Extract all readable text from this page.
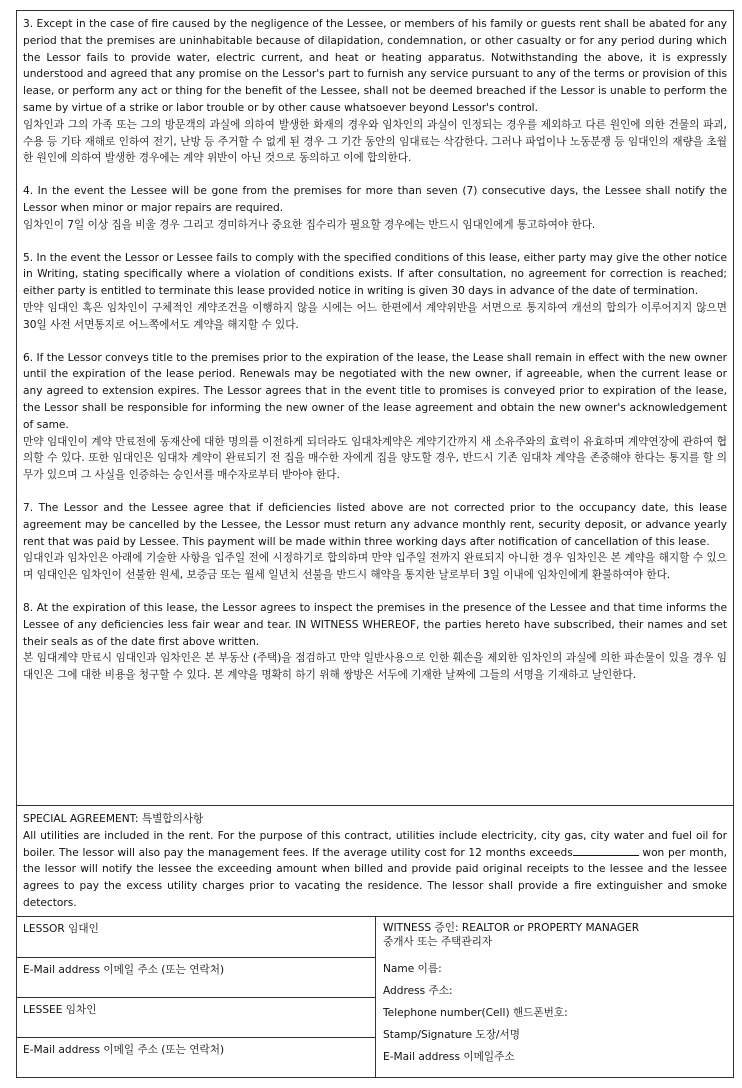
3. Except in the case of fire caused by the negligence of the Lessee, or members of his family or guests rent shall be abated for any period that the premises are uninhabitable because of dilapidation, condemnation, or other casualty or for any period during which the Lessor fails to provide water, electric current, and heat or heating apparatus. Notwithstanding the above, it is expressly understood and agreed that any promise on the Lessor's part to furnish any service pursuant to any of the terms or provision of this lease, or perform any act or thing for the benefit of the Lessee, shall not be deemed breached if the Lessor is unable to perform the same by virtue of a strike or labor trouble or by other cause whatsoever beyond Lessor's control.

임차인과 그의 가족 또는 그의 방문객의 과실에 의하여 발생한 화재의 경우와 임차인의 과실이 인정되는 경우를 제외하고 다른 원인에 의한 건물의 파괴, 수용 등 기타 재해로 인하여 전기, 난방 등 주거할 수 없게 된 경우 그 기간 동안의 임대료는 삭감한다. 그러나 파업이나 노동분쟁 등 임대인의 재량을 초월한 원인에 의하여 발생한 경우에는 계약 위반이 아닌 것으로 동의하고 이에 합의한다.

4. In the event the Lessee will be gone from the premises for more than seven (7) consecutive days, the Lessee shall notify the Lessor when minor or major repairs are required.

임차인이 7일 이상 집을 비울 경우 그리고 경미하거나 중요한 집수리가 필요할 경우에는 반드시 임대인에게 통고하여야 한다.

5. In the event the Lessor or Lessee fails to comply with the specified conditions of this lease, either party may give the other notice in Writing, stating specifically where a violation of conditions exists. If after consultation, no agreement for correction is reached; either party is entitled to terminate this lease provided notice in writing is given 30 days in advance of the date of termination.

만약 임대인 혹은 임차인이 구체적인 계약조건을 이행하지 않을 시에는 어느 한편에서 계약위반을 서면으로 통지하여 개선의 합의가 이루어지지 않으면 30일 사전 서면통지로 어느쪽에서도 계약을 해지할 수 있다.

6. If the Lessor conveys title to the premises prior to the expiration of the lease, the Lease shall remain in effect with the new owner until the expiration of the lease period. Renewals may be negotiated with the new owner, if agreeable, when the current lease or any agreed to extension expires. The Lessor agrees that in the event title to promises is conveyed prior to expiration of the lease, the Lessor shall be responsible for informing the new owner of the lease agreement and obtain the new owner's acknowledgement of same.

만약 임대인이 계약 만료전에 동재산에 대한 명의를 이전하게 되더라도 임대차계약은 계약기간까지 새 소유주와의 효력이 유효하며 계약연장에 관하여 협의할 수 있다. 또한 임대인은 임대차 계약이 완료되기 전 집을 매수한 자에게 집을 양도할 경우, 반드시 기존 임대차 계약을 존중해야 한다는 통지를 할 의무가 있으며 그 사실을 인증하는 승인서를 매수자로부터 받아야 한다.

7. The Lessor and the Lessee agree that if deficiencies listed above are not corrected prior to the occupancy date, this lease agreement may be cancelled by the Lessee, the Lessor must return any advance monthly rent, security deposit, or advance yearly rent that was paid by Lessee. This payment will be made within three working days after notification of cancellation of this lease.

임대인과 임차인은 아래에 기술한 사항을 입주일 전에 시정하기로 합의하며 만약 입주일 전까지 완료되지 아니한 경우 임차인은 본 계약을 해지할 수 있으며 임대인은 임차인이 선불한 원세, 보증금 또는 월세 일년치 선불을 반드시 해약을 통지한 날로부터 3일 이내에 임차인에게 환불하여야 한다.

8. At the expiration of this lease, the Lessor agrees to inspect the premises in the presence of the Lessee and that time informs the Lessee of any deficiencies less fair wear and tear. IN WITNESS WHEREOF, the parties hereto have subscribed, their names and set their seals as of the date first above written.

본 임대계약 만료시 임대인과 임차인은 본 부동산 (주택)을 점검하고 만약 일반사용으로 인한 훼손을 제외한 임차인의 과실에 의한 파손물이 있을 경우 임대인은 그에 대한 비용을 청구할 수 있다. 본 계약을 명확히 하기 위해 쌍방은 서두에 기재한 날짜에 그들의 서명을 기재하고 날인한다.

SPECIAL AGREEMENT: 특별합의사항

All utilities are included in the rent. For the purpose of this contract, utilities include electricity, city gas, city water and fuel oil for boiler. The lessor will also pay the management fees. If the average utility cost for 12 months exceeds	won per month, the lessor will notify the lessee the exceeding amount when billed and provide paid original receipts to the lessee and the lessee agrees to pay the excess utility charges prior to vacating the residence. The lessor shall provide a fire extinguisher and smoke detectors.

LESSOR 임대인
E-Mail address 이메일 주소 (또는 연락처)
LESSEE 임차인
E-Mail address 이메일 주소 (또는 연락처)
WITNESS 증인: REALTOR or PROPERTY MANAGER
중개사 또는 주택관리자
Name 이름:
Address 주소:
Telephone number(Cell) 핸드폰번호:
Stamp/Signature 도장/서명
E-Mail address 이메일주소
